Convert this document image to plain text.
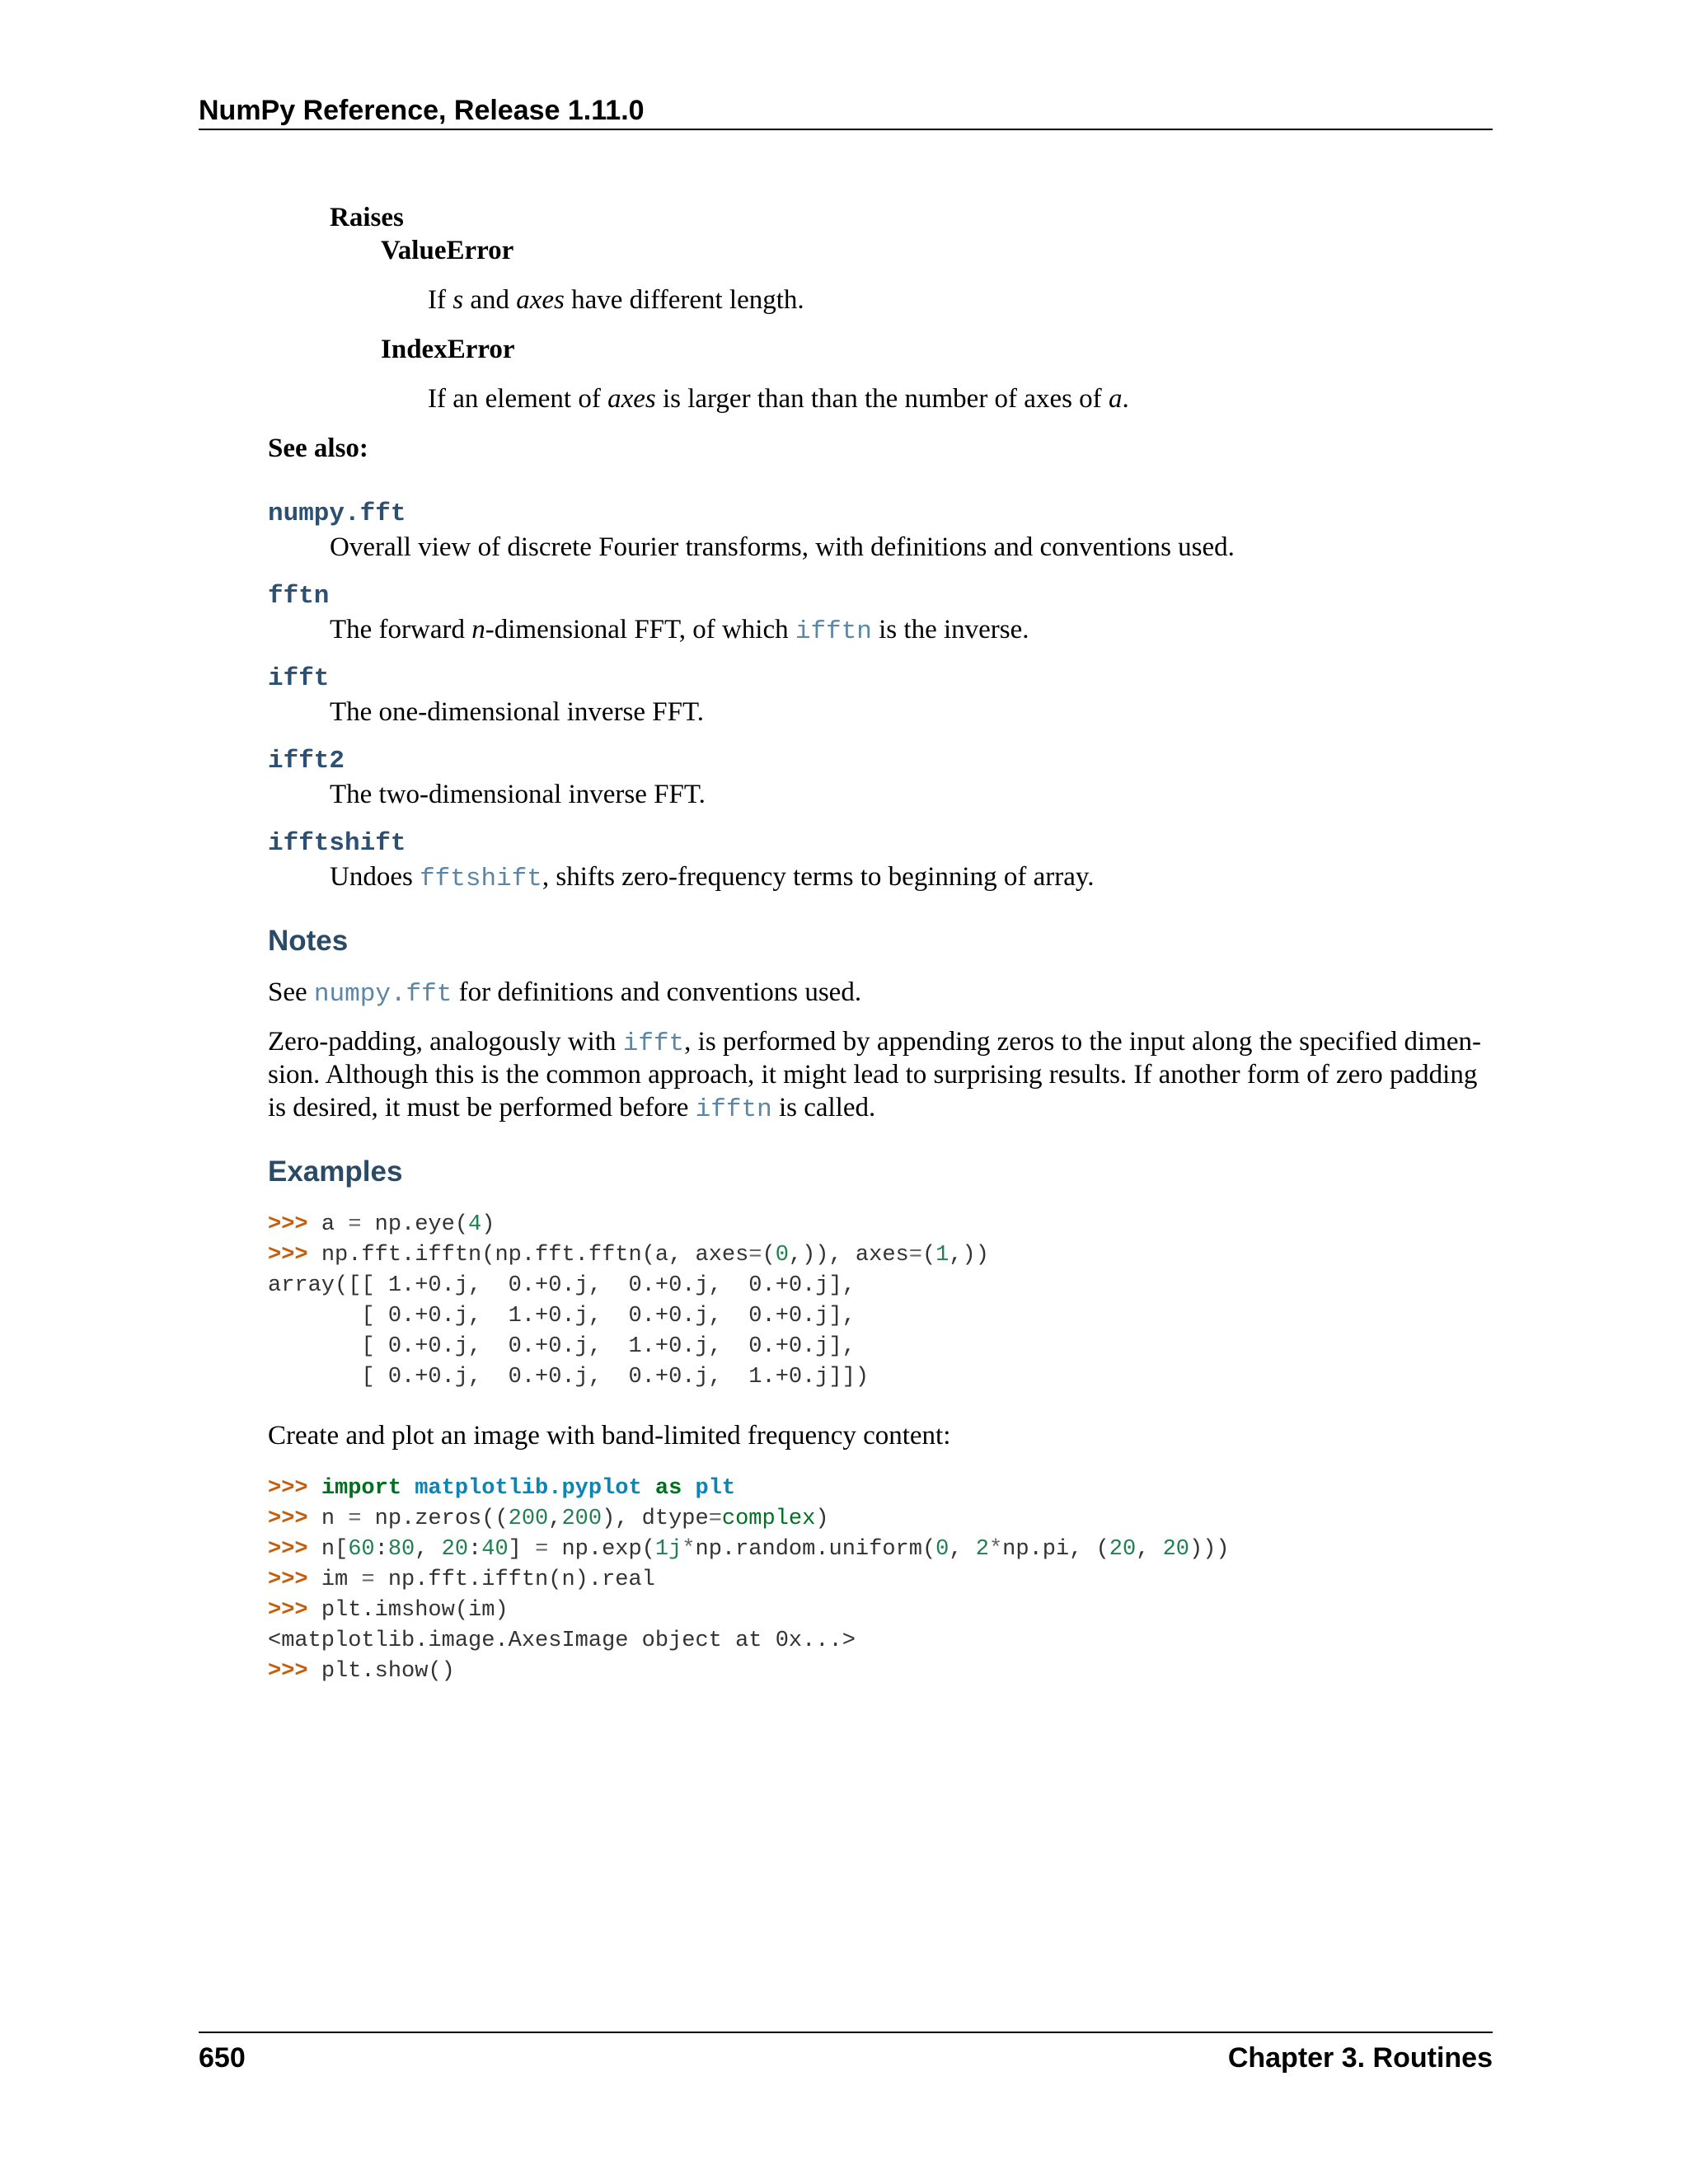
NumPy Reference, Release 1.11.0
Raises
ValueError
If s and axes have different length.
IndexError
If an element of axes is larger than than the number of axes of a.
See also:
numpy.fft
Overall view of discrete Fourier transforms, with definitions and conventions used.
fftn
The forward n-dimensional FFT, of which ifftn is the inverse.
ifft
The one-dimensional inverse FFT.
ifft2
The two-dimensional inverse FFT.
ifftshift
Undoes fftshift, shifts zero-frequency terms to beginning of array.
Notes
See numpy.fft for definitions and conventions used.
Zero-padding, analogously with ifft, is performed by appending zeros to the input along the specified dimen-
sion. Although this is the common approach, it might lead to surprising results. If another form of zero padding
is desired, it must be performed before ifftn is called.
Examples
>>> a = np.eye(4)
>>> np.fft.ifftn(np.fft.fftn(a, axes=(0,)), axes=(1,))
array([[ 1.+0.j,  0.+0.j,  0.+0.j,  0.+0.j],
[ 0.+0.j,  1.+0.j,  0.+0.j,  0.+0.j],
[ 0.+0.j,  0.+0.j,  1.+0.j,  0.+0.j],
[ 0.+0.j,  0.+0.j,  0.+0.j,  1.+0.j]])
Create and plot an image with band-limited frequency content:
>>> import matplotlib.pyplot as plt
>>> n = np.zeros((200,200), dtype=complex)
>>> n[60:80, 20:40] = np.exp(1j*np.random.uniform(0, 2*np.pi, (20, 20)))
>>> im = np.fft.ifftn(n).real
>>> plt.imshow(im)
<matplotlib.image.AxesImage object at 0x...>
>>> plt.show()
650	Chapter 3. Routines
